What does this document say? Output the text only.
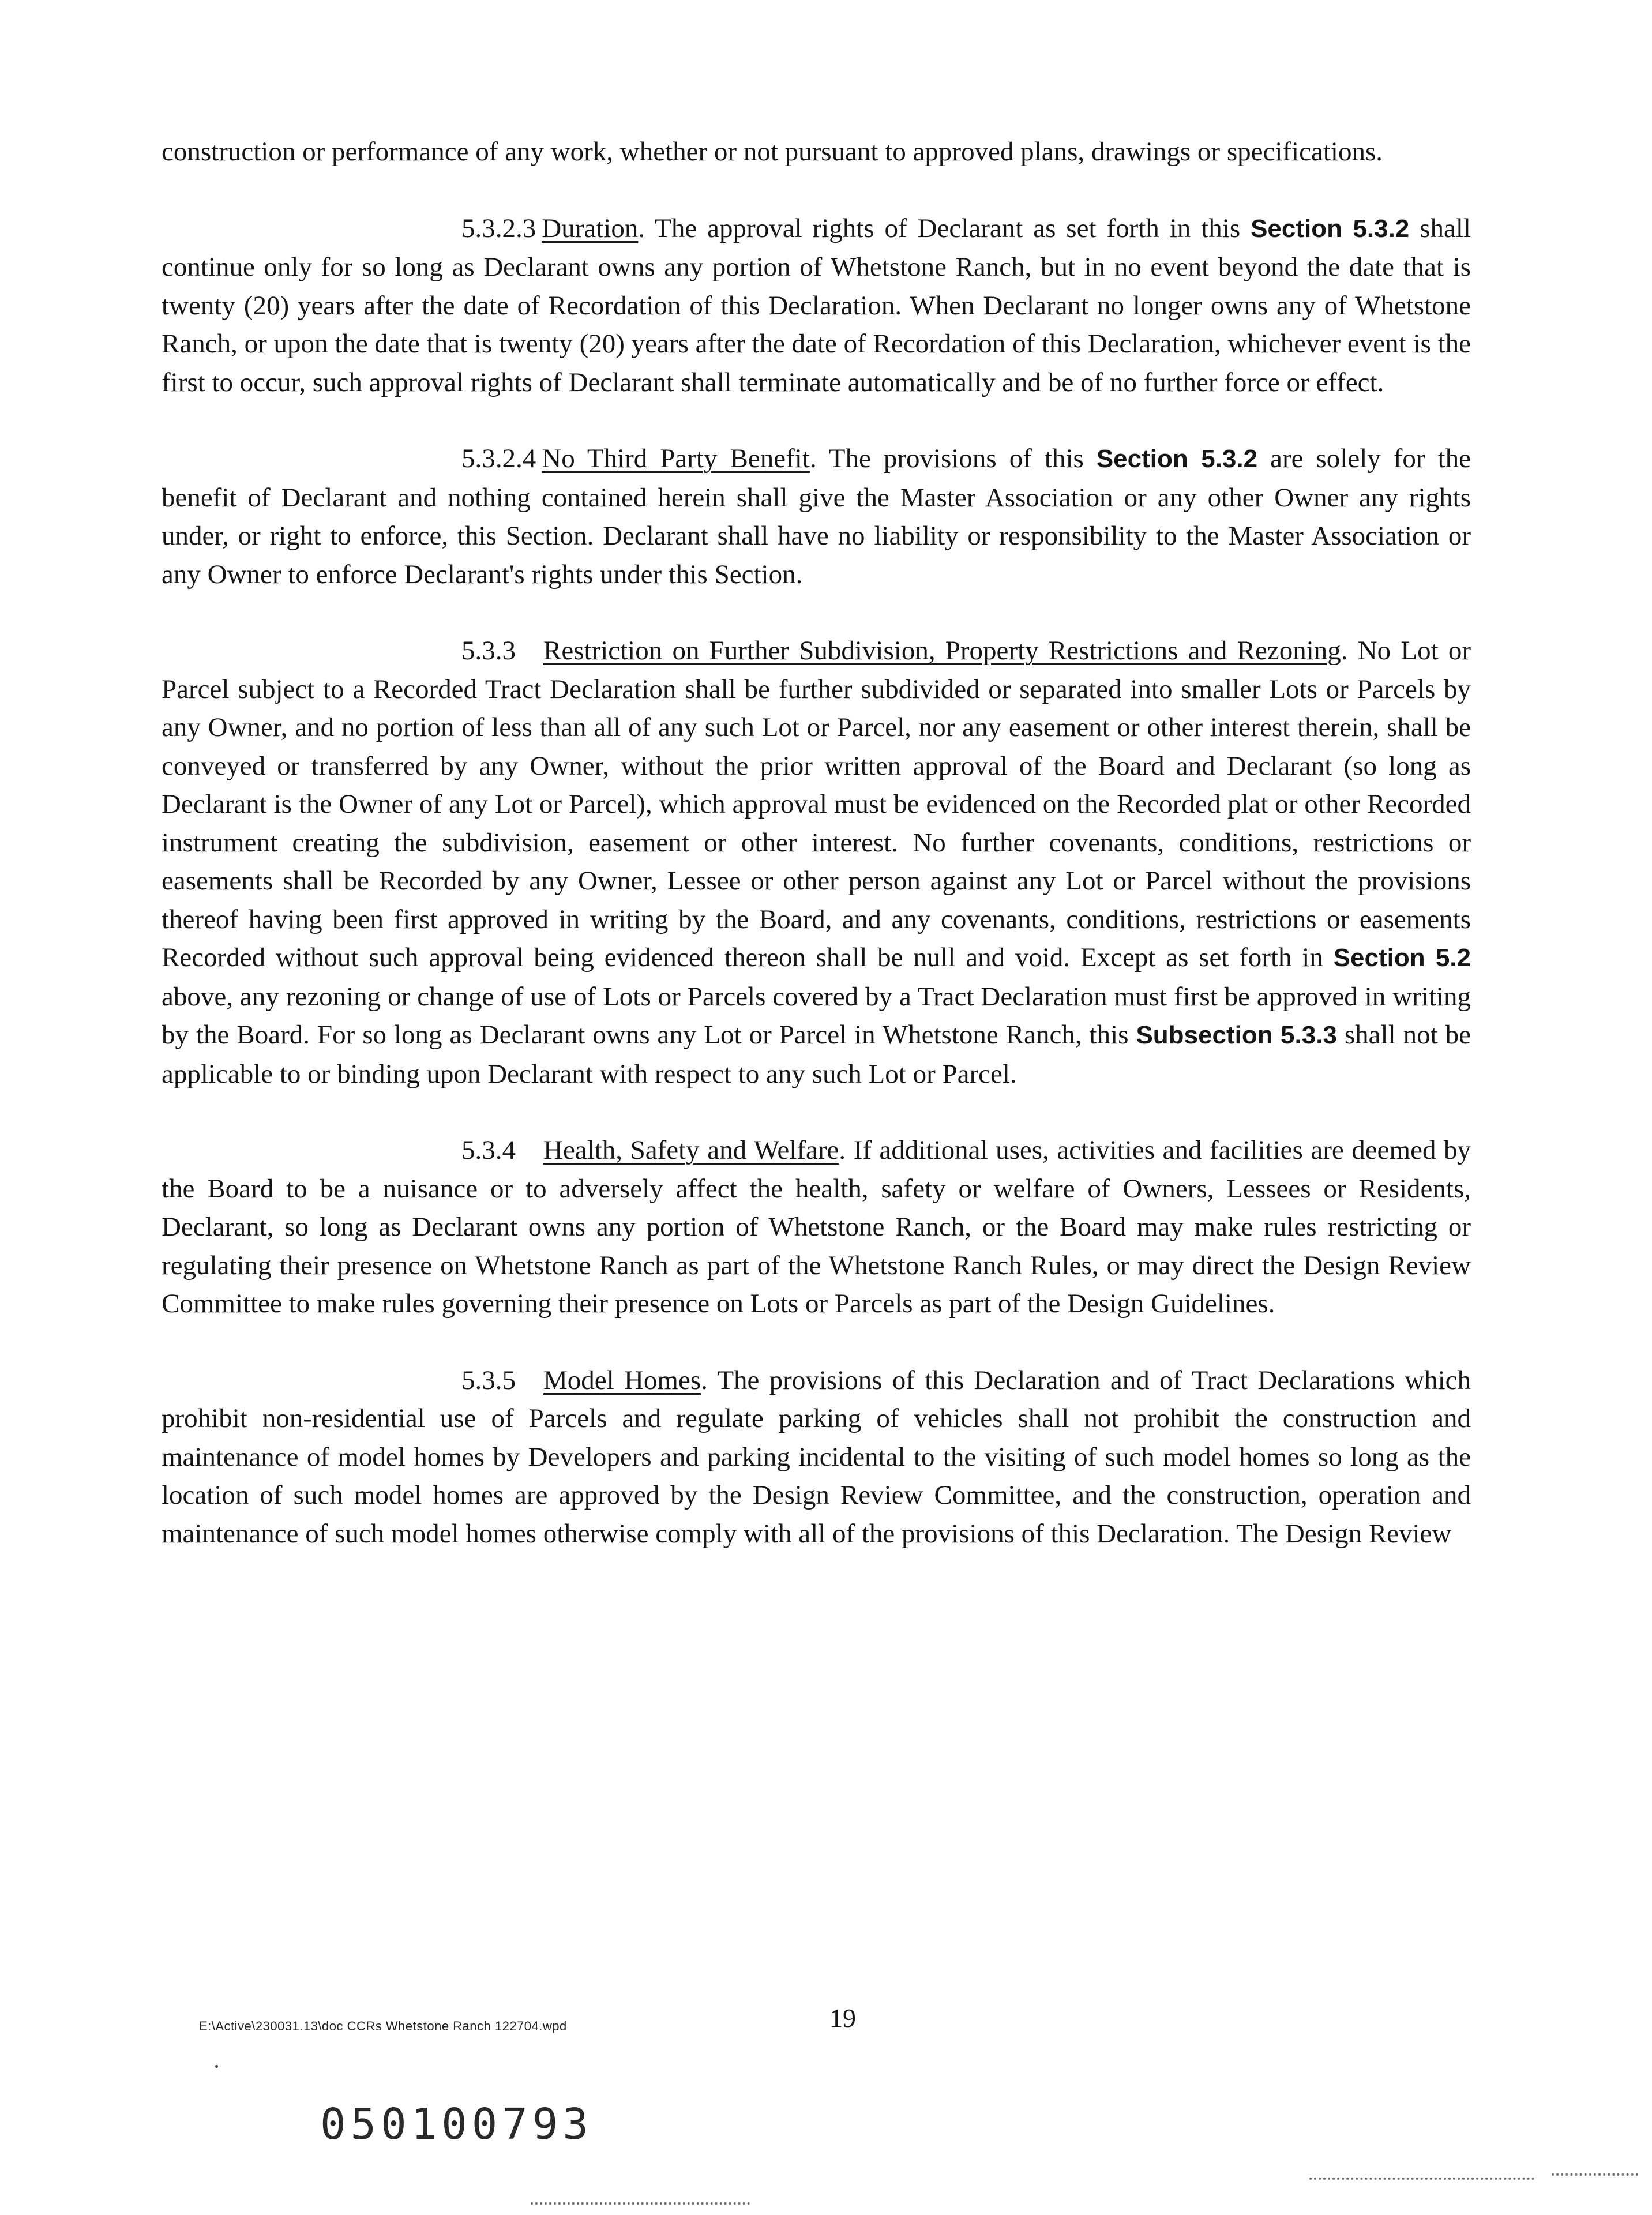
construction or performance of any work, whether or not pursuant to approved plans, drawings or specifications.

5.3.2.3 Duration. The approval rights of Declarant as set forth in this Section 5.3.2 shall continue only for so long as Declarant owns any portion of Whetstone Ranch, but in no event beyond the date that is twenty (20) years after the date of Recordation of this Declaration. When Declarant no longer owns any of Whetstone Ranch, or upon the date that is twenty (20) years after the date of Recordation of this Declaration, whichever event is the first to occur, such approval rights of Declarant shall terminate automatically and be of no further force or effect.

5.3.2.4 No Third Party Benefit. The provisions of this Section 5.3.2 are solely for the benefit of Declarant and nothing contained herein shall give the Master Association or any other Owner any rights under, or right to enforce, this Section. Declarant shall have no liability or responsibility to the Master Association or any Owner to enforce Declarant's rights under this Section.

5.3.3 Restriction on Further Subdivision, Property Restrictions and Rezoning. No Lot or Parcel subject to a Recorded Tract Declaration shall be further subdivided or separated into smaller Lots or Parcels by any Owner, and no portion of less than all of any such Lot or Parcel, nor any easement or other interest therein, shall be conveyed or transferred by any Owner, without the prior written approval of the Board and Declarant (so long as Declarant is the Owner of any Lot or Parcel), which approval must be evidenced on the Recorded plat or other Recorded instrument creating the subdivision, easement or other interest. No further covenants, conditions, restrictions or easements shall be Recorded by any Owner, Lessee or other person against any Lot or Parcel without the provisions thereof having been first approved in writing by the Board, and any covenants, conditions, restrictions or easements Recorded without such approval being evidenced thereon shall be null and void. Except as set forth in Section 5.2 above, any rezoning or change of use of Lots or Parcels covered by a Tract Declaration must first be approved in writing by the Board. For so long as Declarant owns any Lot or Parcel in Whetstone Ranch, this Subsection 5.3.3 shall not be applicable to or binding upon Declarant with respect to any such Lot or Parcel.

5.3.4 Health, Safety and Welfare. If additional uses, activities and facilities are deemed by the Board to be a nuisance or to adversely affect the health, safety or welfare of Owners, Lessees or Residents, Declarant, so long as Declarant owns any portion of Whetstone Ranch, or the Board may make rules restricting or regulating their presence on Whetstone Ranch as part of the Whetstone Ranch Rules, or may direct the Design Review Committee to make rules governing their presence on Lots or Parcels as part of the Design Guidelines.

5.3.5 Model Homes. The provisions of this Declaration and of Tract Declarations which prohibit non-residential use of Parcels and regulate parking of vehicles shall not prohibit the construction and maintenance of model homes by Developers and parking incidental to the visiting of such model homes so long as the location of such model homes are approved by the Design Review Committee, and the construction, operation and maintenance of such model homes otherwise comply with all of the provisions of this Declaration. The Design Review

E:\Active\230031.13\doc CCRs Whetstone Ranch 122704.wpd	19
050100793
